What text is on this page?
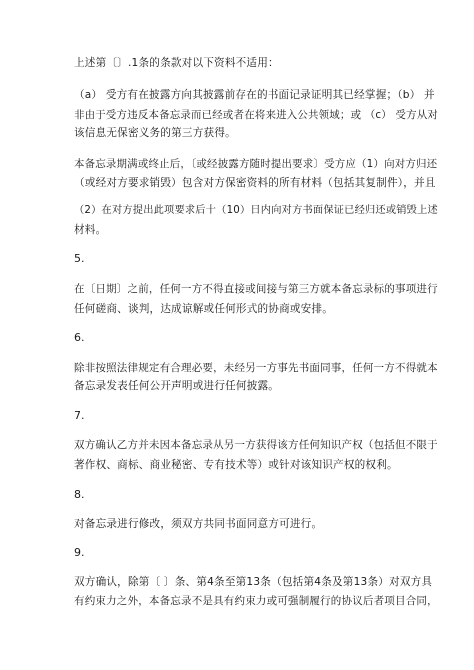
上述第〔〕.1条的条款对以下资料不适用：
（a） 受方有在披露方向其披露前存在的书面记录证明其已经掌握；（b） 并
非由于受方违反本备忘录而已经或者在将来进入公共领域；或 （c） 受方从对
该信息无保密义务的第三方获得。
本备忘录期满或终止后，〔或经披露方随时提出要求〕受方应（1）向对方归还
（或经对方要求销毁）包含对方保密资料的所有材料（包括其复制件），并且
（2）在对方提出此项要求后十（10）日内向对方书面保证已经归还或销毁上述
材料。
5.
在〔日期〕之前，任何一方不得直接或间接与第三方就本备忘录标的事项进行
任何磋商、谈判，达成谅解或任何形式的协商或安排。
6.
除非按照法律规定有合理必要，未经另一方事先书面同事，任何一方不得就本
备忘录发表任何公开声明或进行任何披露。
7.
双方确认乙方并未因本备忘录从另一方获得该方任何知识产权（包括但不限于
著作权、商标、商业秘密、专有技术等）或针对该知识产权的权利。
8.
对备忘录进行修改，须双方共同书面同意方可进行。
9.
双方确认，除第〔 〕条、第4条至第13条（包括第4条及第13条）对双方具
有约束力之外，本备忘录不是具有约束力或可强制履行的协议后者项目合同，
